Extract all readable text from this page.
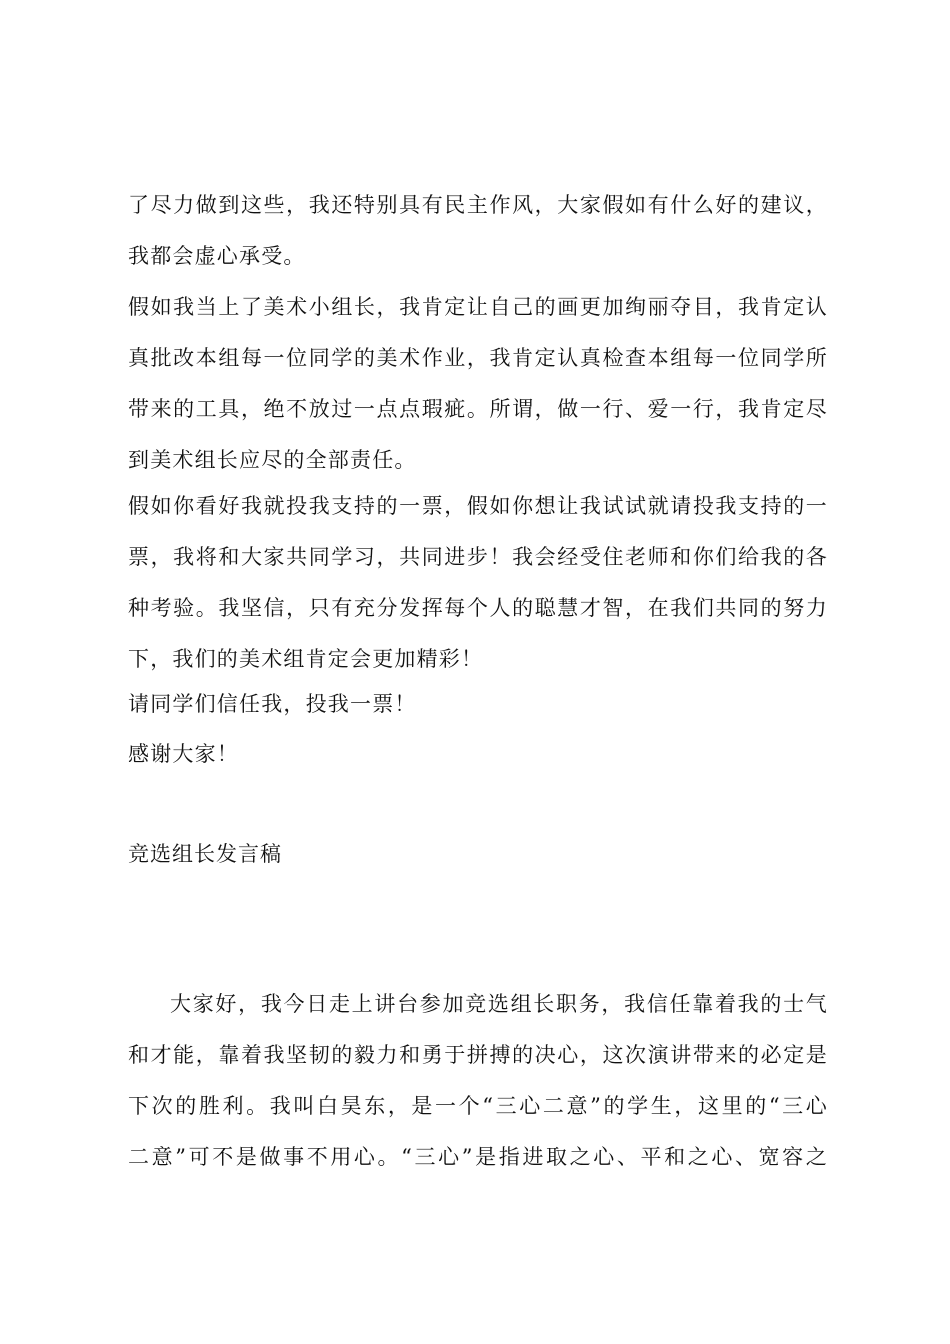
了尽力做到这些，我还特别具有民主作风，大家假如有什么好的建议，
我都会虚心承受。
假如我当上了美术小组长，我肯定让自己的画更加绚丽夺目，我肯定认
真批改本组每一位同学的美术作业，我肯定认真检查本组每一位同学所
带来的工具，绝不放过一点点瑕疵。所谓，做一行、爱一行，我肯定尽
到美术组长应尽的全部责任。
假如你看好我就投我支持的一票，假如你想让我试试就请投我支持的一
票，我将和大家共同学习，共同进步！我会经受住老师和你们给我的各
种考验。我坚信，只有充分发挥每个人的聪慧才智，在我们共同的努力
下，我们的美术组肯定会更加精彩！
请同学们信任我，投我一票！
感谢大家！
竞选组长发言稿
大家好，我今日走上讲台参加竞选组长职务，我信任靠着我的士气
和才能，靠着我坚韧的毅力和勇于拼搏的决心，这次演讲带来的必定是
下次的胜利。我叫白昊东，是一个“三心二意”的学生，这里的“三心
二意”可不是做事不用心。“三心”是指进取之心、平和之心、宽容之
